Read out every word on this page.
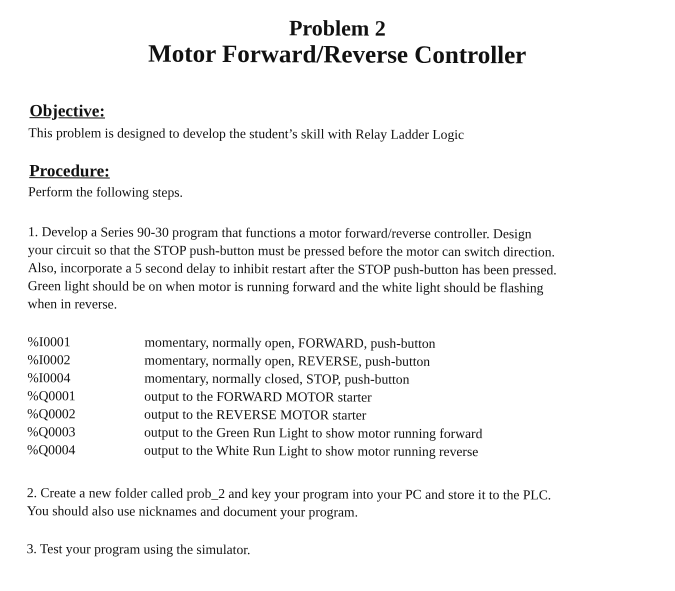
Problem 2
Motor Forward/Reverse Controller
Objective:

This problem is designed to develop the student’s skill with Relay Ladder Logic

Procedure:

Perform the following steps.

1. Develop a Series 90-30 program that functions a motor forward/reverse controller. Design

your circuit so that the STOP push-button must be pressed before the motor can switch direction.

Also, incorporate a 5 second delay to inhibit restart after the STOP push-button has been pressed.

Green light should be on when motor is running forward and the white light should be flashing

when in reverse.

%I0001	momentary, normally open, FORWARD, push-button
%I0002	momentary, normally open, REVERSE, push-button
%I0004	momentary, normally closed, STOP, push-button
%Q0001	output to the FORWARD MOTOR starter
%Q0002	output to the REVERSE MOTOR starter
%Q0003	output to the Green Run Light to show motor running forward
%Q0004	output to the White Run Light to show motor running reverse

2. Create a new folder called prob_2 and key your program into your PC and store it to the PLC.

You should also use nicknames and document your program.

3. Test your program using the simulator.
